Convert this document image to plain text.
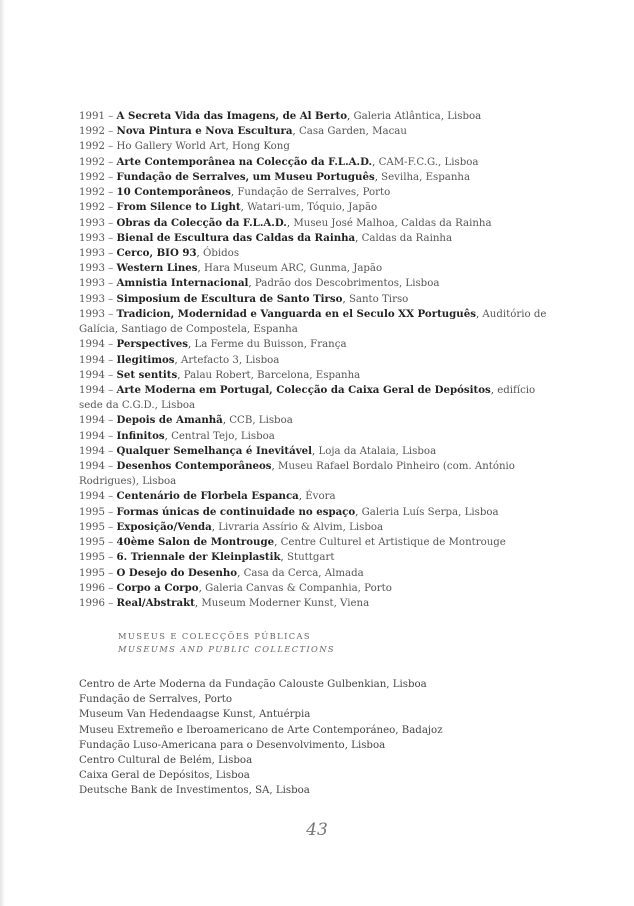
1991 – A Secreta Vida das Imagens, de Al Berto, Galeria Atlântica, Lisboa
1992 – Nova Pintura e Nova Escultura, Casa Garden, Macau
1992 – Ho Gallery World Art, Hong Kong
1992 – Arte Contemporânea na Colecção da F.L.A.D., CAM-F.C.G., Lisboa
1992 – Fundação de Serralves, um Museu Português, Sevilha, Espanha
1992 – 10 Contemporâneos, Fundação de Serralves, Porto
1992 – From Silence to Light, Watari-um, Tóquio, Japão
1993 – Obras da Colecção da F.L.A.D., Museu José Malhoa, Caldas da Rainha
1993 – Bienal de Escultura das Caldas da Rainha, Caldas da Rainha
1993 – Cerco, BIO 93, Óbidos
1993 – Western Lines, Hara Museum ARC, Gunma, Japão
1993 – Amnistia Internacional, Padrão dos Descobrimentos, Lisboa
1993 – Simposium de Escultura de Santo Tirso, Santo Tirso
1993 – Tradicion, Modernidad e Vanguarda en el Seculo XX Português, Auditório de Galícia, Santiago de Compostela, Espanha
1994 – Perspectives, La Ferme du Buisson, França
1994 – Ilegitimos, Artefacto 3, Lisboa
1994 – Set sentits, Palau Robert, Barcelona, Espanha
1994 – Arte Moderna em Portugal, Colecção da Caixa Geral de Depósitos, edifício sede da C.G.D., Lisboa
1994 – Depois de Amanhã, CCB, Lisboa
1994 – Infinitos, Central Tejo, Lisboa
1994 – Qualquer Semelhança é Inevitável, Loja da Atalaia, Lisboa
1994 – Desenhos Contemporâneos, Museu Rafael Bordalo Pinheiro (com. António Rodrigues), Lisboa
1994 – Centenário de Florbela Espanca, Évora
1995 – Formas únicas de continuidade no espaço, Galeria Luís Serpa, Lisboa
1995 – Exposição/Venda, Livraria Assírio & Alvim, Lisboa
1995 – 40ème Salon de Montrouge, Centre Culturel et Artistique de Montrouge
1995 – 6. Triennale der Kleinplastik, Stuttgart
1995 – O Desejo do Desenho, Casa da Cerca, Almada
1996 – Corpo a Corpo, Galeria Canvas & Companhia, Porto
1996 – Real/Abstrakt, Museum Moderner Kunst, Viena
MUSEUS E COLECÇÕES PÚBLICAS
MUSEUMS AND PUBLIC COLLECTIONS
Centro de Arte Moderna da Fundação Calouste Gulbenkian, Lisboa
Fundação de Serralves, Porto
Museum Van Hedendaagse Kunst, Antuérpia
Museu Extremeño e Iberoamericano de Arte Contemporáneo, Badajoz
Fundação Luso-Americana para o Desenvolvimento, Lisboa
Centro Cultural de Belém, Lisboa
Caixa Geral de Depósitos, Lisboa
Deutsche Bank de Investimentos, SA, Lisboa
43
